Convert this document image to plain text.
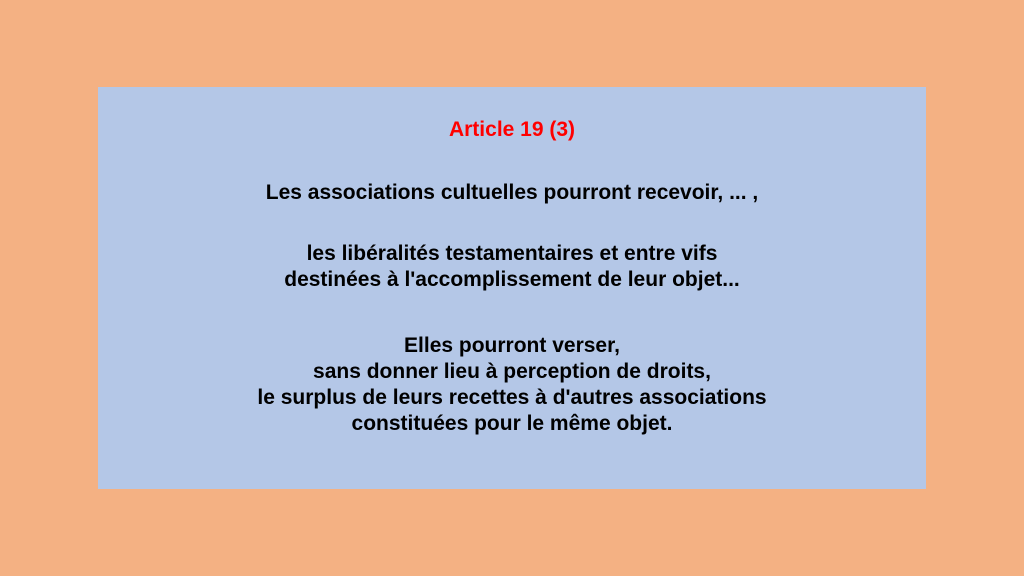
Article 19 (3)
Les associations cultuelles pourront recevoir, ... ,
les libéralités testamentaires et entre vifs
destinées à l'accomplissement de leur objet...
Elles pourront verser,
sans donner lieu à perception de droits,
le surplus de leurs recettes à d'autres associations
constituées pour le même objet.
